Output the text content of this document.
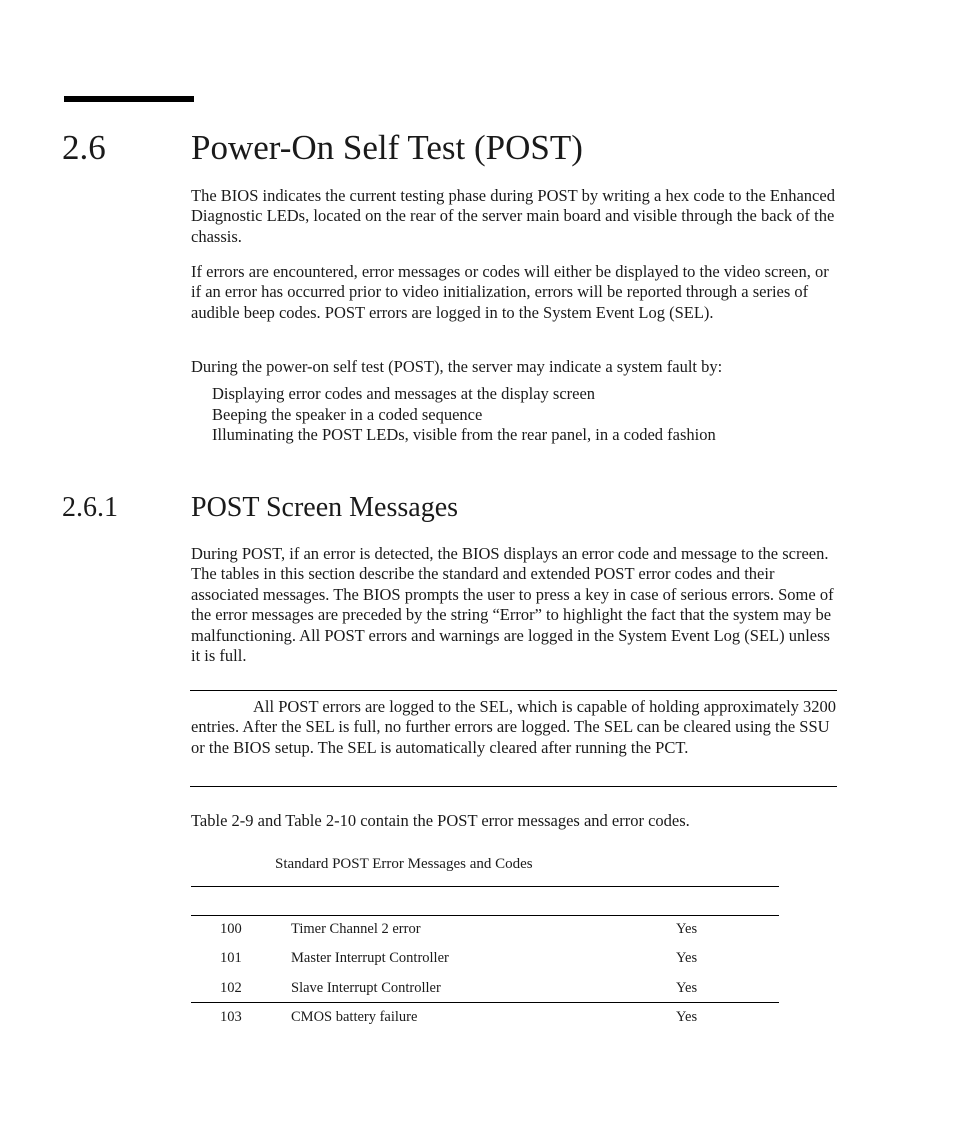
2.6 Power-On Self Test (POST)
The BIOS indicates the current testing phase during POST by writing a hex code to the Enhanced Diagnostic LEDs, located on the rear of the server main board and visible through the back of the chassis.
If errors are encountered, error messages or codes will either be displayed to the video screen, or if an error has occurred prior to video initialization, errors will be reported through a series of audible beep codes. POST errors are logged in to the System Event Log (SEL).
During the power-on self test (POST), the server may indicate a system fault by:
Displaying error codes and messages at the display screen
Beeping the speaker in a coded sequence
Illuminating the POST LEDs, visible from the rear panel, in a coded fashion
2.6.1	POST Screen Messages
During POST, if an error is detected, the BIOS displays an error code and message to the screen. The tables in this section describe the standard and extended POST error codes and their associated messages. The BIOS prompts the user to press a key in case of serious errors. Some of the error messages are preceded by the string “Error” to highlight the fact that the system may be malfunctioning. All POST errors and warnings are logged in the System Event Log (SEL) unless it is full.
All POST errors are logged to the SEL, which is capable of holding approximately 3200 entries. After the SEL is full, no further errors are logged. The SEL can be cleared using the SSU or the BIOS setup. The SEL is automatically cleared after running the PCT.
Table 2-9 and Table 2-10 contain the POST error messages and error codes.
Standard POST Error Messages and Codes
100	Timer Channel 2 error	Yes
101	Master Interrupt Controller	Yes
102	Slave Interrupt Controller	Yes
103	CMOS battery failure	Yes
